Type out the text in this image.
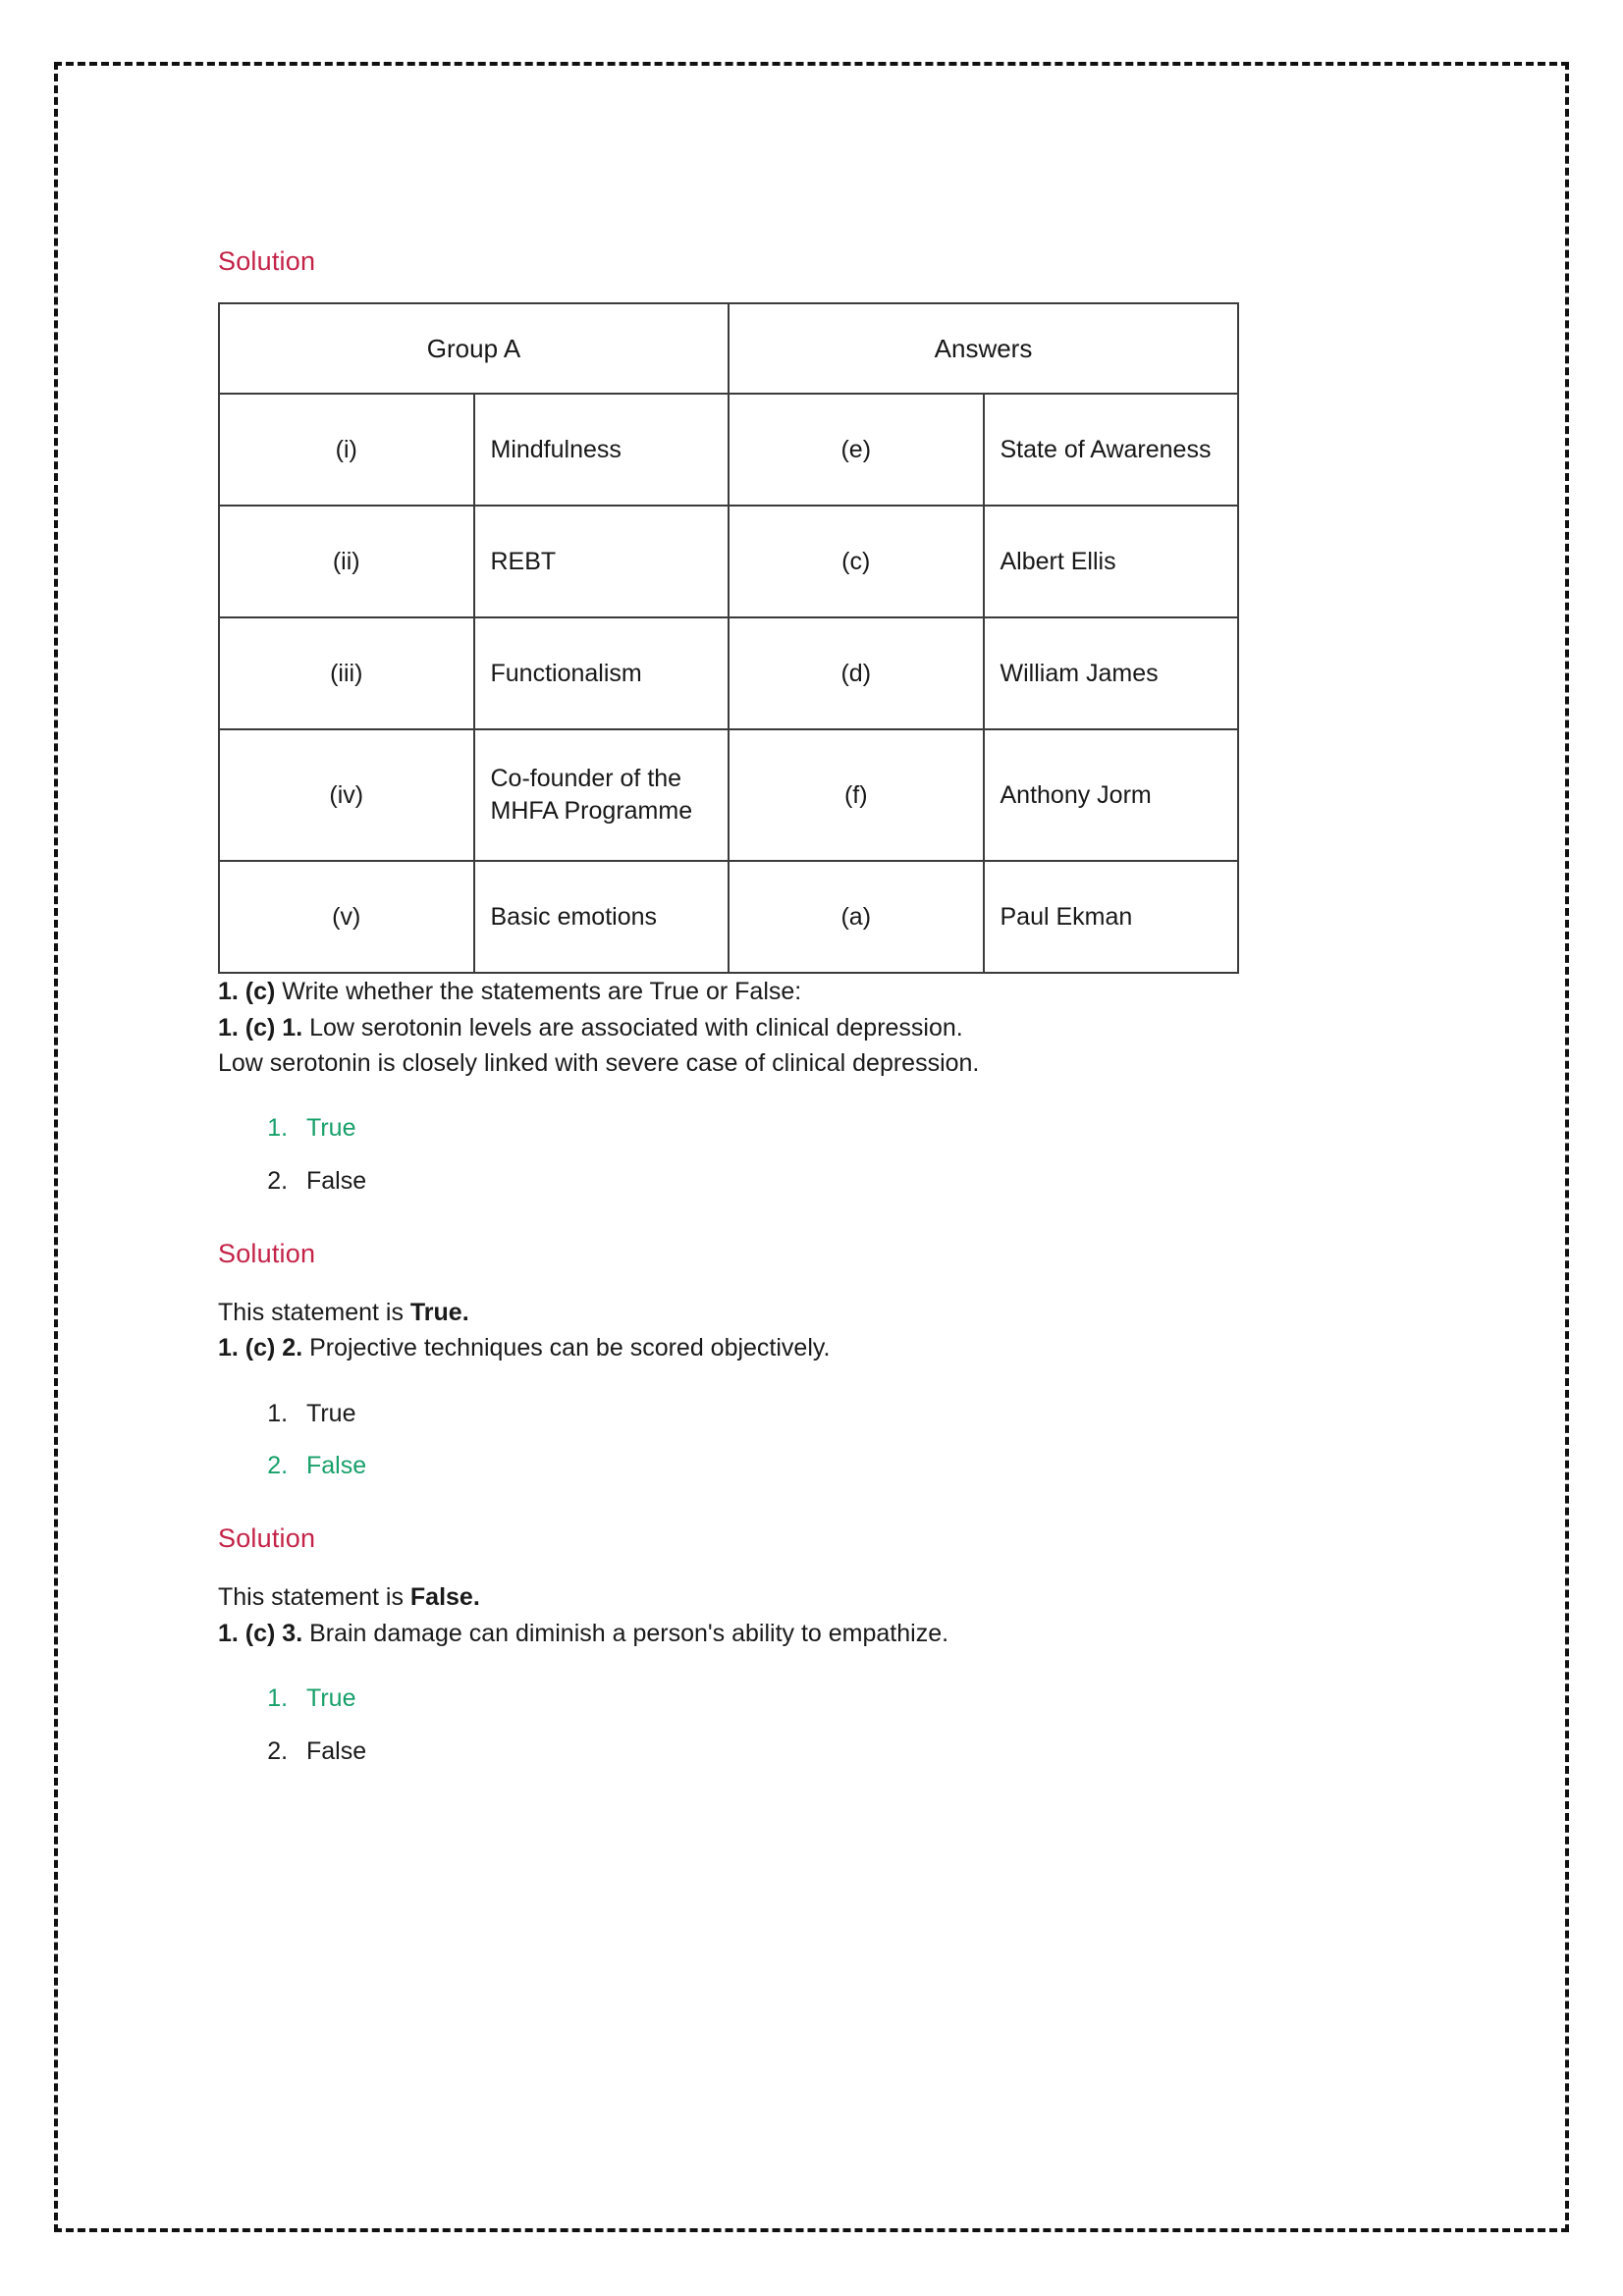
Solution
Group A		Answers	
(i)	Mindfulness	(e)	State of Awareness
(ii)	REBT	(c)	Albert Ellis
(iii)	Functionalism	(d)	William James
(iv)	Co-founder of the MHFA Programme	(f)	Anthony Jorm
(v)	Basic emotions	(a)	Paul Ekman

1. (c) Write whether the statements are True or False:

1. (c) 1. Low serotonin levels are associated with clinical depression.

Low serotonin is closely linked with severe case of clinical depression.

1. True
2. False
Solution

This statement is True.

1. (c) 2. Projective techniques can be scored objectively.

1. True
2. False
Solution

This statement is False.

1. (c) 3. Brain damage can diminish a person's ability to empathize.

1. True
2. False
